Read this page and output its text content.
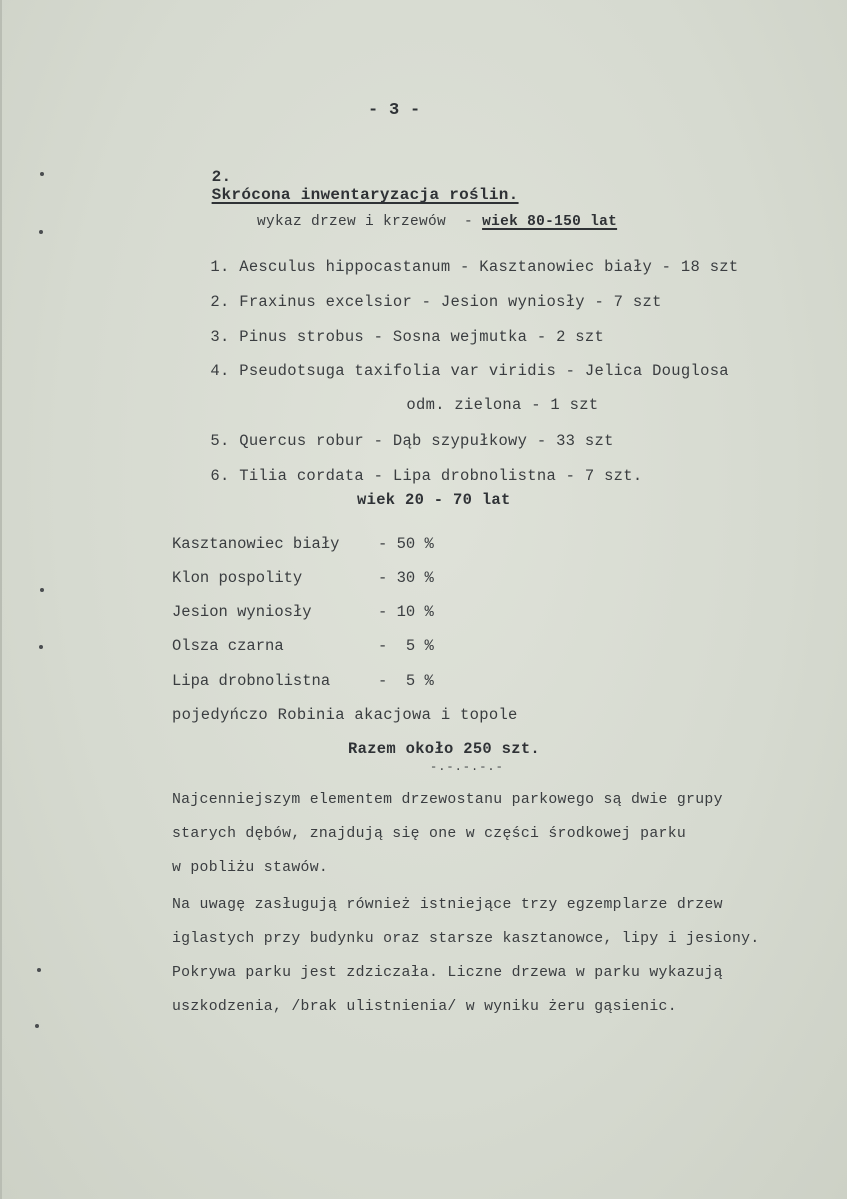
- 3 -

2.
Skrócona inwentaryzacja roślin.

wykaz drzew i krzewów  - wiek 80-150 lat

1. Aesculus hippocastanum - Kasztanowiec biały - 18 szt

2. Fraxinus excelsior - Jesion wyniosły - 7 szt

3. Pinus strobus - Sosna wejmutka - 2 szt

4. Pseudotsuga taxifolia var viridis - Jelica Douglosa

odm. zielona - 1 szt

5. Quercus robur - Dąb szypułkowy - 33 szt

6. Tilia cordata - Lipa drobnolistna - 7 szt.

wiek 20 - 70 lat
Kasztanowiec biały - 50 %
Klon pospolity	- 30 %
Jesion wyniosły	- 10 %
Olsza czarna	-  5 %
Lipa drobnolistna	-  5 %
pojedyńczo Robinia akacjowa i topole
Razem około 250 szt.
-.-.-.-.-
Najcenniejszym elementem drzewostanu parkowego są dwie grupy
starych dębów, znajdują się one w części środkowej parku
w pobliżu stawów.
Na uwagę zasługują również istniejące trzy egzemplarze drzew
iglastych przy budynku oraz starsze kasztanowce, lipy i jesiony.
Pokrywa parku jest zdziczała. Liczne drzewa w parku wykazują
uszkodzenia, /brak ulistnienia/ w wyniku żeru gąsienic.
